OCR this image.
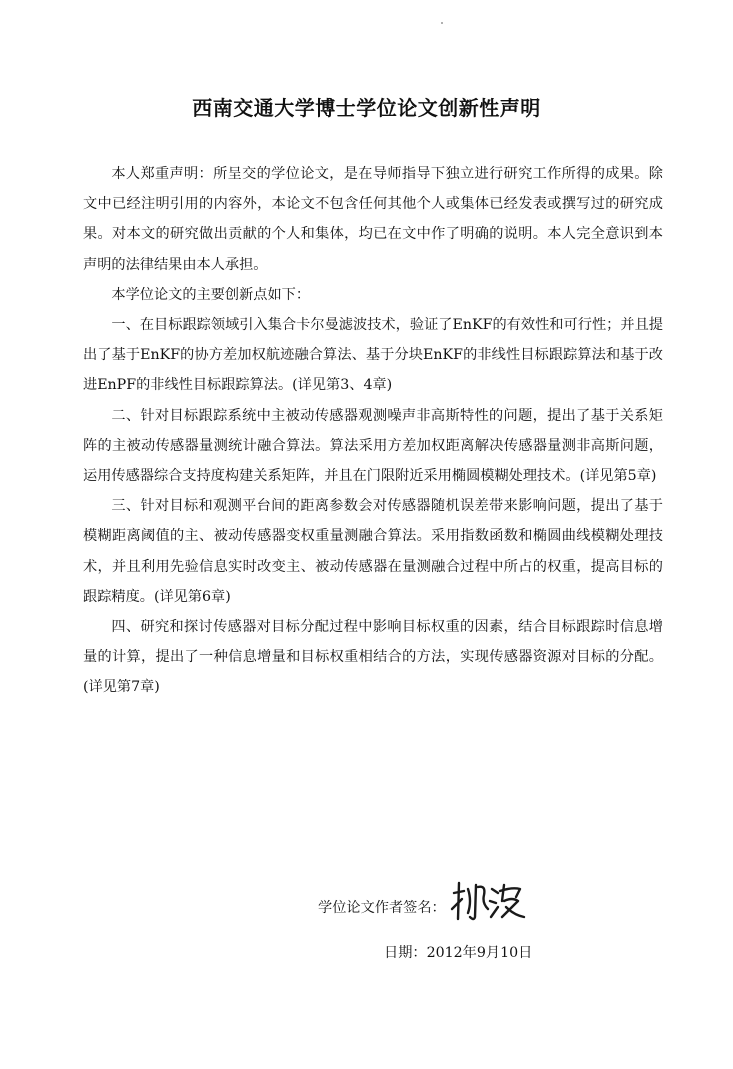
西南交通大学博士学位论文创新性声明

本人郑重声明：所呈交的学位论文，是在导师指导下独立进行研究工作所得的成果。除文中已经注明引用的内容外，本论文不包含任何其他个人或集体已经发表或撰写过的研究成果。对本文的研究做出贡献的个人和集体，均已在文中作了明确的说明。本人完全意识到本声明的法律结果由本人承担。

本学位论文的主要创新点如下：

一、在目标跟踪领域引入集合卡尔曼滤波技术，验证了EnKF的有效性和可行性；并且提出了基于EnKF的协方差加权航迹融合算法、基于分块EnKF的非线性目标跟踪算法和基于改进EnPF的非线性目标跟踪算法。(详见第3、4章)

二、针对目标跟踪系统中主被动传感器观测噪声非高斯特性的问题，提出了基于关系矩阵的主被动传感器量测统计融合算法。算法采用方差加权距离解决传感器量测非高斯问题，运用传感器综合支持度构建关系矩阵，并且在门限附近采用椭圆模糊处理技术。(详见第5章)

三、针对目标和观测平台间的距离参数会对传感器随机误差带来影响问题，提出了基于模糊距离阈值的主、被动传感器变权重量测融合算法。采用指数函数和椭圆曲线模糊处理技术，并且利用先验信息实时改变主、被动传感器在量测融合过程中所占的权重，提高目标的跟踪精度。(详见第6章)

四、研究和探讨传感器对目标分配过程中影响目标权重的因素，结合目标跟踪时信息增量的计算，提出了一种信息增量和目标权重相结合的方法，实现传感器资源对目标的分配。(详见第7章)

学位论文作者签名：
日期：2012年9月10日
